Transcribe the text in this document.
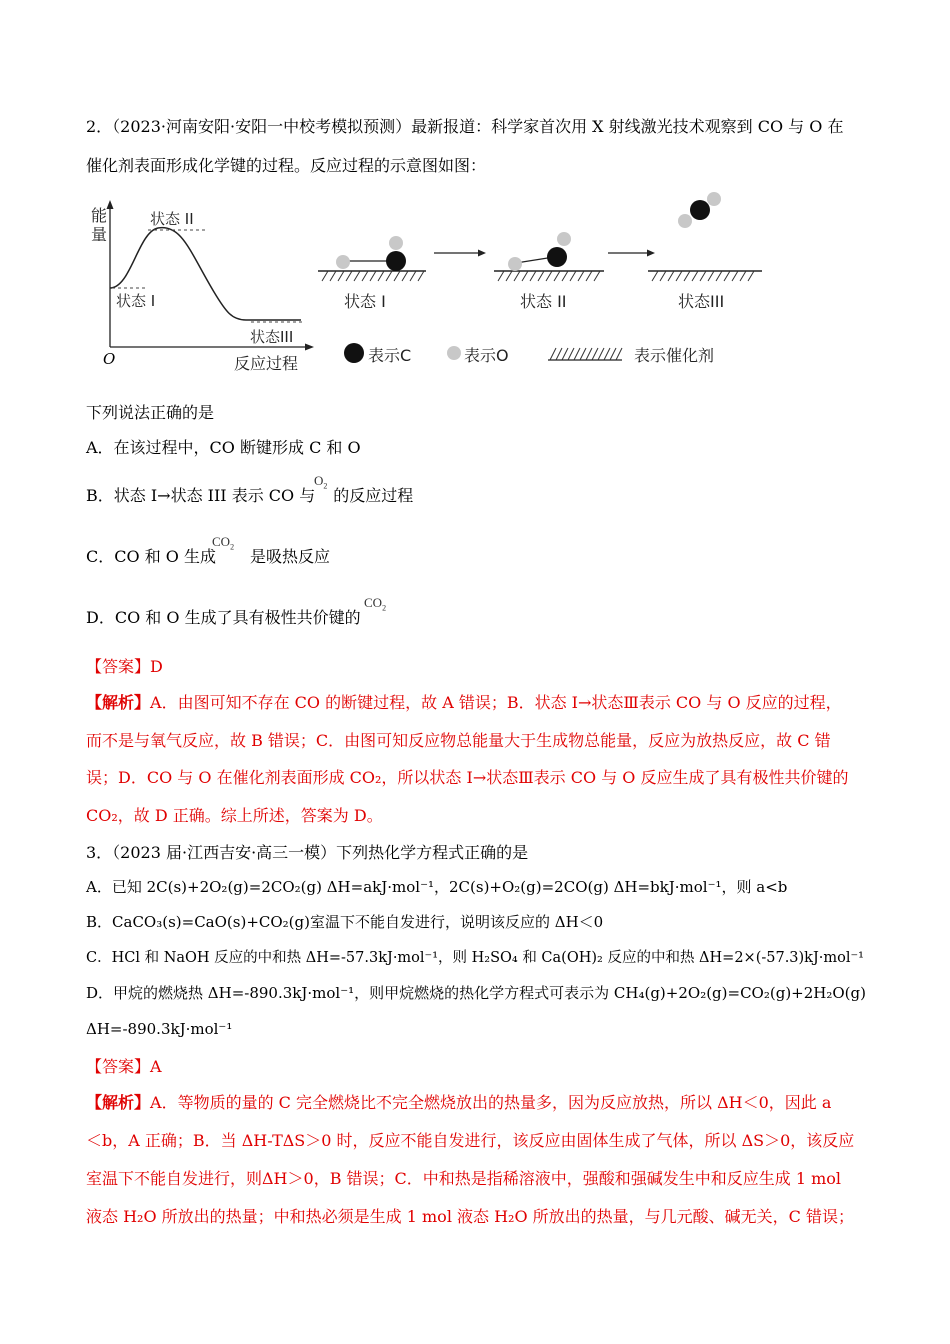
2．（2023·河南安阳·安阳一中校考模拟预测）最新报道：科学家首次用 X 射线激光技术观察到 CO 与 O 在
催化剂表面形成化学键的过程。反应过程的示意图如图：
能量
O	反应过程
状态 I
状态 II
状态III
状态 I	状态 II	状态III
表示C	表示O	表示催化剂
下列说法正确的是
A．在该过程中，CO 断键形成 C 和 O
B．状态 I→状态 III 表示 CO 与 的反应过程
$O_2$
C．CO 和 O 生成 是吸热反应
$CO_2$
D．CO 和 O 生成了具有极性共价键的
$CO_2$
【答案】D
【解析】A．由图可知不存在 CO 的断键过程，故 A 错误；B．状态 Ⅰ→状态Ⅲ表示 CO 与 O 反应的过程，
而不是与氧气反应，故 B 错误；C．由图可知反应物总能量大于生成物总能量，反应为放热反应，故 C 错
误；D．CO 与 O 在催化剂表面形成 CO₂，所以状态 Ⅰ→状态Ⅲ表示 CO 与 O 反应生成了具有极性共价键的
CO₂，故 D 正确。综上所述，答案为 D。
3．（2023 届·江西吉安·高三一模）下列热化学方程式正确的是
A．已知 2C(s)+2O₂(g)=2CO₂(g) ΔH=akJ·mol⁻¹，2C(s)+O₂(g)=2CO(g) ΔH=bkJ·mol⁻¹，则 a<b
B．CaCO₃(s)=CaO(s)+CO₂(g)室温下不能自发进行，说明该反应的 ΔH＜0
C．HCl 和 NaOH 反应的中和热 ΔH=-57.3kJ·mol⁻¹，则 H₂SO₄ 和 Ca(OH)₂ 反应的中和热 ΔH=2×(-57.3)kJ·mol⁻¹
D．甲烷的燃烧热 ΔH=-890.3kJ·mol⁻¹，则甲烷燃烧的热化学方程式可表示为 CH₄(g)+2O₂(g)=CO₂(g)+2H₂O(g)
ΔH=-890.3kJ·mol⁻¹
【答案】A
【解析】A．等物质的量的 C 完全燃烧比不完全燃烧放出的热量多，因为反应放热，所以 ΔH＜0，因此 a
＜b，A 正确；B．当 ΔH-TΔS＞0 时，反应不能自发进行，该反应由固体生成了气体，所以 ΔS＞0，该反应
室温下不能自发进行，则ΔH＞0，B 错误；C．中和热是指稀溶液中，强酸和强碱发生中和反应生成 1 mol
液态 H₂O 所放出的热量；中和热必须是生成 1 mol 液态 H₂O 所放出的热量，与几元酸、碱无关，C 错误；
